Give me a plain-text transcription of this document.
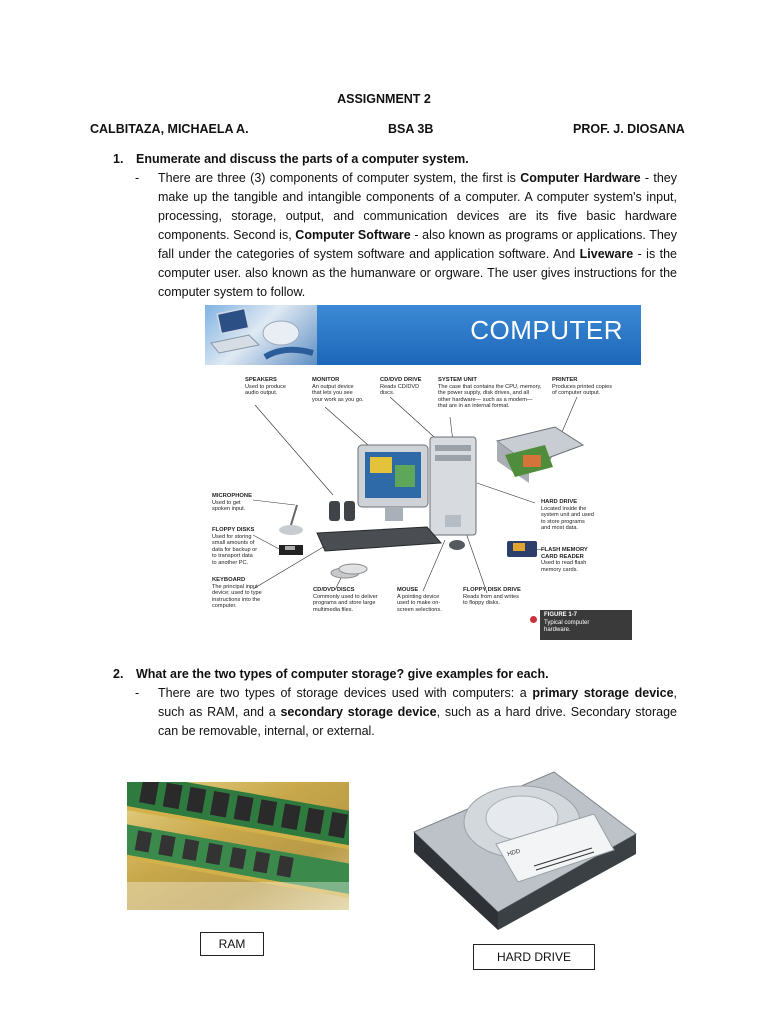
ASSIGNMENT 2
CALBITAZA, MICHAELA A.	BSA 3B	PROF. J. DIOSANA
1. Enumerate and discuss the parts of a computer system.
- There are three (3) components of computer system, the first is Computer Hardware - they make up the tangible and intangible components of a computer. A computer system's input, processing, storage, output, and communication devices are its five basic hardware components. Second is, Computer Software - also known as programs or applications. They fall under the categories of system software and application software. And Liveware - is the computer user. also known as the humanware or orgware. The user gives instructions for the computer system to follow.
COMPUTER
SPEAKERS
Used to produce
audio output.
MONITOR
An output device
that lets you see
your work as you go.
CD/DVD DRIVE
Reads CD/DVD
discs.
SYSTEM UNIT
The case that contains the CPU, memory,
the power supply, disk drives, and all
other hardware— such as a modem—
that are in an internal format.
PRINTER
Produces printed copies
of computer output.
MICROPHONE
Used to get
spoken input.
FLOPPY DISKS
Used for storing
small amounts of
data for backup or
to transport data
to another PC.
HARD DRIVE
Located inside the
system unit and used
to store programs
and most data.
FLASH MEMORY
CARD READER
Used to read flash
memory cards.
KEYBOARD
The principal input
device; used to type
instructions into the
computer.
CD/DVD DISCS
Commonly used to deliver
programs and store large
multimedia files.
MOUSE
A pointing device
used to make on-
screen selections.
FLOPPY DISK DRIVE
Reads from and writes
to floppy disks.
FIGURE 1-7
Typical computer
hardware.
2. What are the two types of computer storage? give examples for each.
- There are two types of storage devices used with computers: a primary storage device, such as RAM, and a secondary storage device, such as a hard drive. Secondary storage can be removable, internal, or external.
RAM
HDD
HARD DRIVE
